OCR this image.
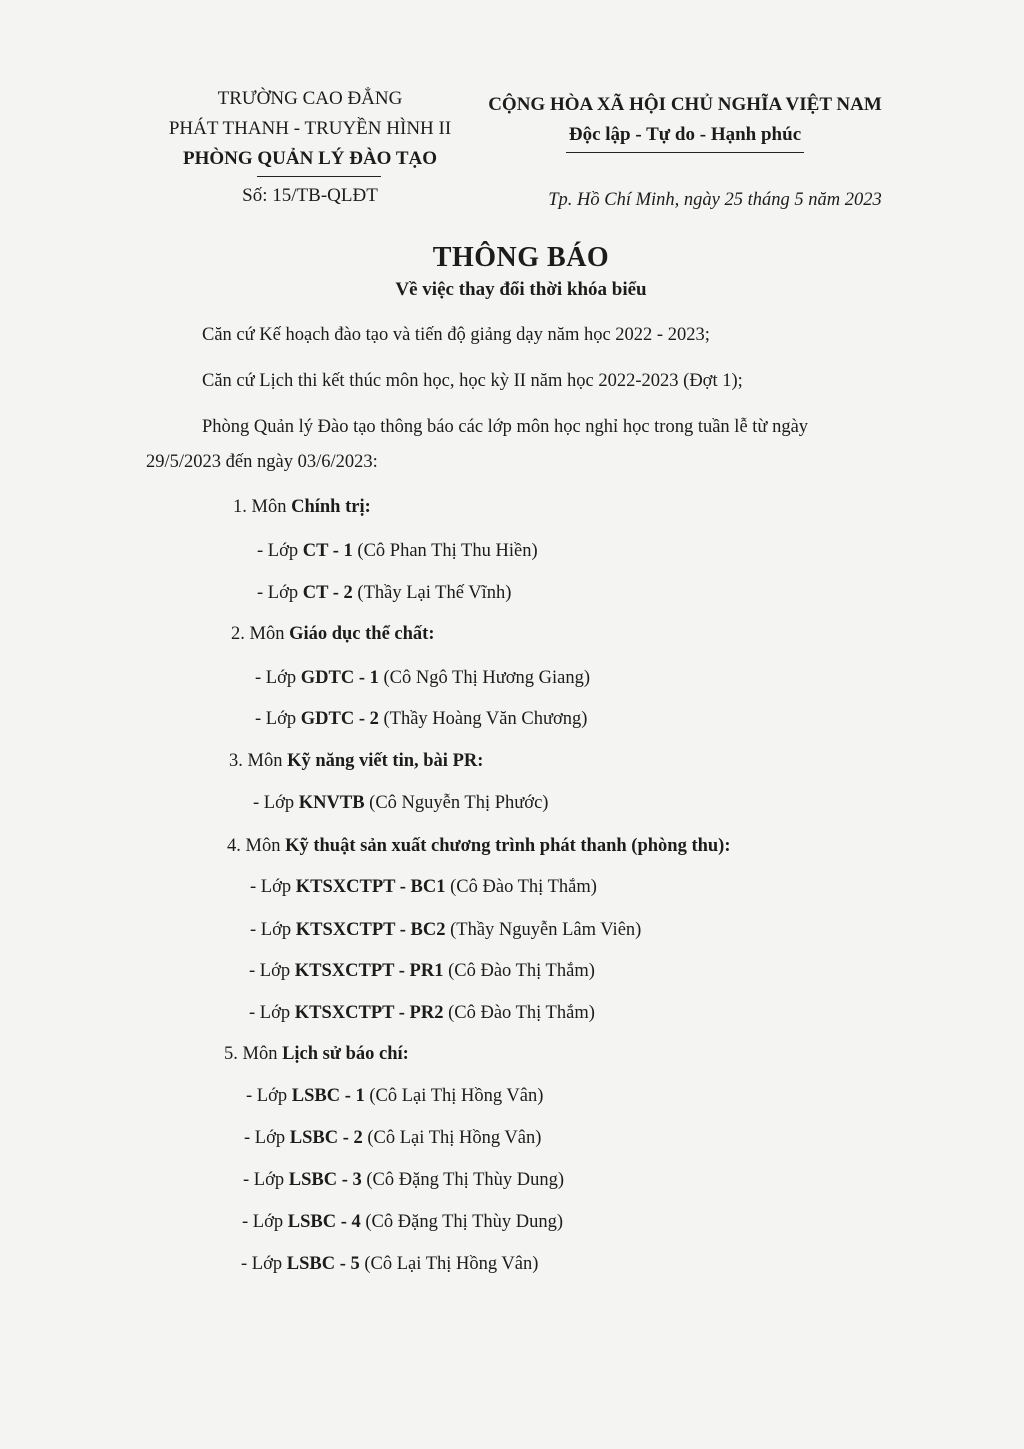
TRƯỜNG CAO ĐẲNG
PHÁT THANH - TRUYỀN HÌNH II
PHÒNG QUẢN LÝ ĐÀO TẠO
Số: 15/TB-QLĐT
CỘNG HÒA XÃ HỘI CHỦ NGHĨA VIỆT NAM
Độc lập - Tự do - Hạnh phúc
Tp. Hồ Chí Minh, ngày 25 tháng 5 năm 2023
THÔNG BÁO
Về việc thay đổi thời khóa biểu
Căn cứ Kế hoạch đào tạo và tiến độ giảng dạy năm học 2022 - 2023;
Căn cứ Lịch thi kết thúc môn học, học kỳ II năm học 2022-2023 (Đợt 1);
Phòng Quản lý Đào tạo thông báo các lớp môn học nghỉ học trong tuần lễ từ ngày
29/5/2023 đến ngày 03/6/2023:
1. Môn Chính trị:
- Lớp CT - 1 (Cô Phan Thị Thu Hiền)
- Lớp CT - 2 (Thầy Lại Thế Vĩnh)
2. Môn Giáo dục thể chất:
- Lớp GDTC - 1 (Cô Ngô Thị Hương Giang)
- Lớp GDTC - 2 (Thầy Hoàng Văn Chương)
3. Môn Kỹ năng viết tin, bài PR:
- Lớp KNVTB (Cô Nguyễn Thị Phước)
4. Môn Kỹ thuật sản xuất chương trình phát thanh (phòng thu):
- Lớp KTSXCTPT - BC1 (Cô Đào Thị Thắm)
- Lớp KTSXCTPT - BC2 (Thầy Nguyễn Lâm Viên)
- Lớp KTSXCTPT - PR1 (Cô Đào Thị Thắm)
- Lớp KTSXCTPT - PR2 (Cô Đào Thị Thắm)
5. Môn Lịch sử báo chí:
- Lớp LSBC - 1 (Cô Lại Thị Hồng Vân)
- Lớp LSBC - 2 (Cô Lại Thị Hồng Vân)
- Lớp LSBC - 3 (Cô Đặng Thị Thùy Dung)
- Lớp LSBC - 4 (Cô Đặng Thị Thùy Dung)
- Lớp LSBC - 5 (Cô Lại Thị Hồng Vân)
